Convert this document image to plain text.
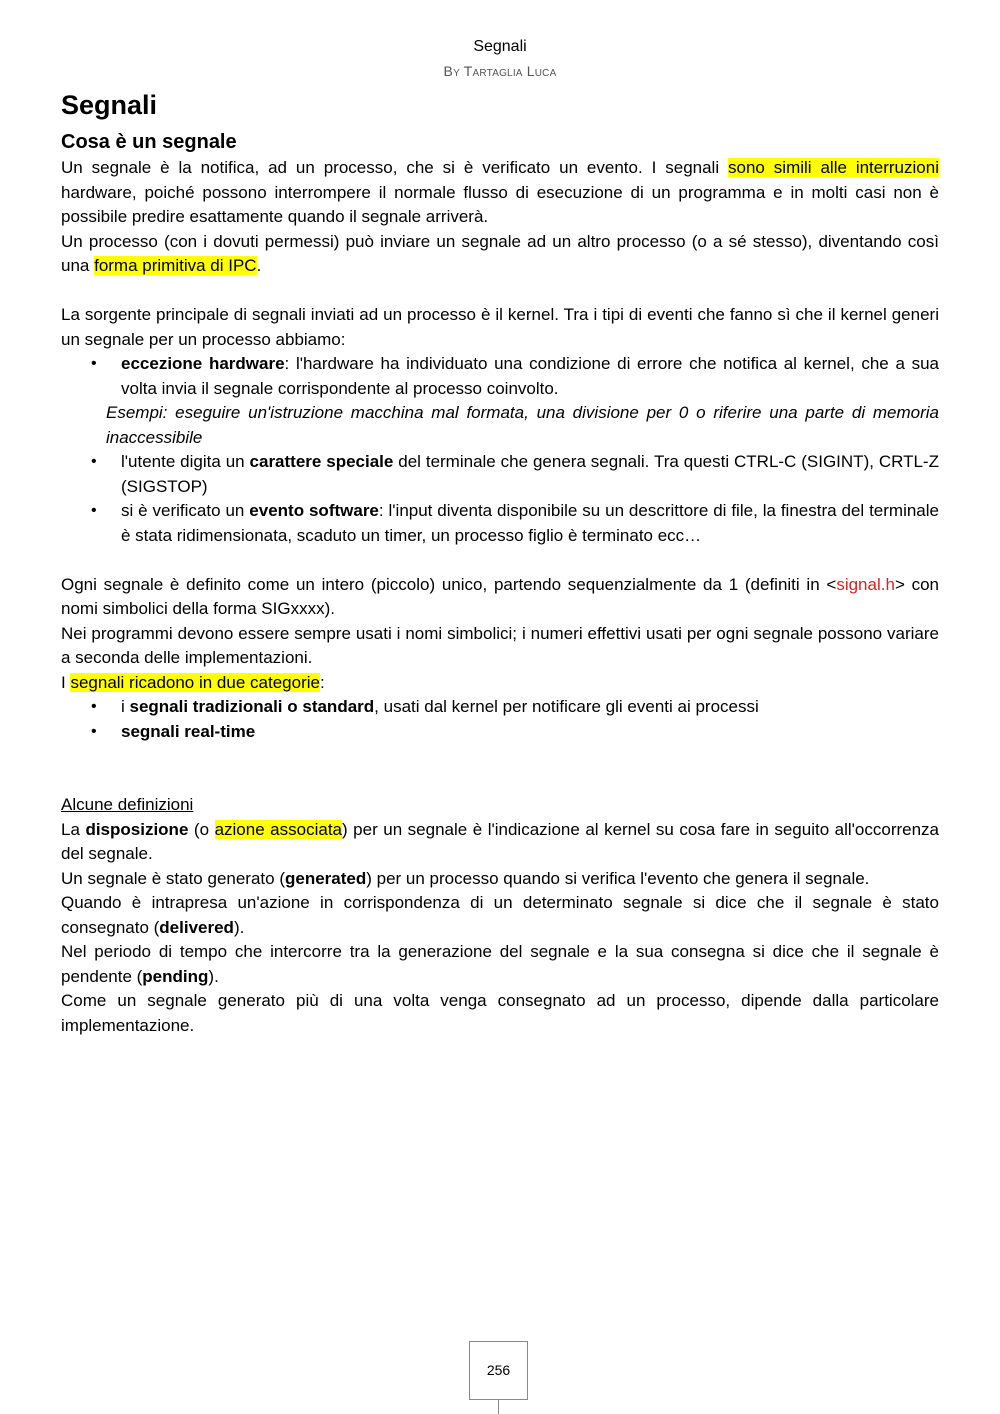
Segnali
By Tartaglia Luca
Segnali
Cosa è un segnale

Un segnale è la notifica, ad un processo, che si è verificato un evento. I segnali sono simili alle interruzioni hardware, poiché possono interrompere il normale flusso di esecuzione di un programma e in molti casi non è possibile predire esattamente quando il segnale arriverà.

Un processo (con i dovuti permessi) può inviare un segnale ad un altro processo (o a sé stesso), diventando così una forma primitiva di IPC.

La sorgente principale di segnali inviati ad un processo è il kernel. Tra i tipi di eventi che fanno sì che il kernel generi un segnale per un processo abbiamo:

• eccezione hardware: l'hardware ha individuato una condizione di errore che notifica al kernel, che a sua volta invia il segnale corrispondente al processo coinvolto.

Esempi: eseguire un'istruzione macchina mal formata, una divisione per 0 o riferire una parte di memoria inaccessibile

• l'utente digita un carattere speciale del terminale che genera segnali. Tra questi CTRL-C (SIGINT), CRTL-Z (SIGSTOP)
• si è verificato un evento software: l'input diventa disponibile su un descrittore di file, la finestra del terminale è stata ridimensionata, scaduto un timer, un processo figlio è terminato ecc…

Ogni segnale è definito come un intero (piccolo) unico, partendo sequenzialmente da 1 (definiti in <signal.h> con nomi simbolici della forma SIGxxxx).

Nei programmi devono essere sempre usati i nomi simbolici; i numeri effettivi usati per ogni segnale possono variare a seconda delle implementazioni.

I segnali ricadono in due categorie:

• i segnali tradizionali o standard, usati dal kernel per notificare gli eventi ai processi
• segnali real-time

Alcune definizioni

La disposizione (o azione associata) per un segnale è l'indicazione al kernel su cosa fare in seguito all'occorrenza del segnale.

Un segnale è stato generato (generated) per un processo quando si verifica l'evento che genera il segnale.

Quando è intrapresa un'azione in corrispondenza di un determinato segnale si dice che il segnale è stato consegnato (delivered).

Nel periodo di tempo che intercorre tra la generazione del segnale e la sua consegna si dice che il segnale è pendente (pending).

Come un segnale generato più di una volta venga consegnato ad un processo, dipende dalla particolare implementazione.

256
